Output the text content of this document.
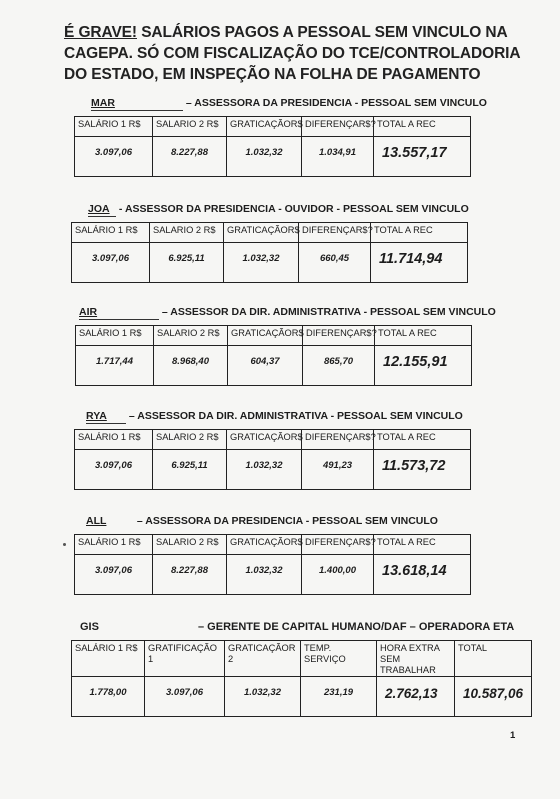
É GRAVE! SALÁRIOS PAGOS A PESSOAL SEM VINCULO NA CAGEPA. SÓ COM FISCALIZAÇÃO DO TCE/CONTROLADORIA DO ESTADO, EM INSPEÇÃO NA FOLHA DE PAGAMENTO
MAR	– ASSESSORA DA PRESIDENCIA - PESSOAL SEM VINCULO
SALÁRIO 1 R$	SALARIO 2 R$	GRATICAÇÃOR$	DIFERENÇAR$?	TOTAL A REC
3.097,06	8.227,88	1.032,32	1.034,91	13.557,17
JOA - ASSESSOR DA PRESIDENCIA - OUVIDOR - PESSOAL SEM VINCULO
SALÁRIO 1 R$	SALARIO 2 R$	GRATICAÇÃOR$	DIFERENÇAR$?	TOTAL A REC
3.097,06	6.925,11	1.032,32	660,45	11.714,94
AIR	– ASSESSOR DA DIR. ADMINISTRATIVA - PESSOAL SEM VINCULO
SALÁRIO 1 R$	SALARIO 2 R$	GRATICAÇÃOR$	DIFERENÇAR$?	TOTAL A REC
1.717,44	8.968,40	604,37	865,70	12.155,91
RYA – ASSESSOR DA DIR. ADMINISTRATIVA - PESSOAL SEM VINCULO
SALÁRIO 1 R$	SALARIO 2 R$	GRATICAÇÃOR$	DIFERENÇAR$?	TOTAL A REC
3.097,06	6.925,11	1.032,32	491,23	11.573,72
ALL	– ASSESSORA DA PRESIDENCIA - PESSOAL SEM VINCULO
SALÁRIO 1 R$	SALARIO 2 R$	GRATICAÇÃOR$	DIFERENÇAR$?	TOTAL A REC
3.097,06	8.227,88	1.032,32	1.400,00	13.618,14
GIS	– GERENTE DE CAPITAL HUMANO/DAF – OPERADORA ETA
SALÁRIO 1 R$	GRATIFICAÇÃO 1	GRATICAÇÃOR 2	TEMP. SERVIÇO	HORA EXTRA SEM TRABALHAR	TOTAL
1.778,00	3.097,06	1.032,32	231,19	2.762,13	10.587,06
1
